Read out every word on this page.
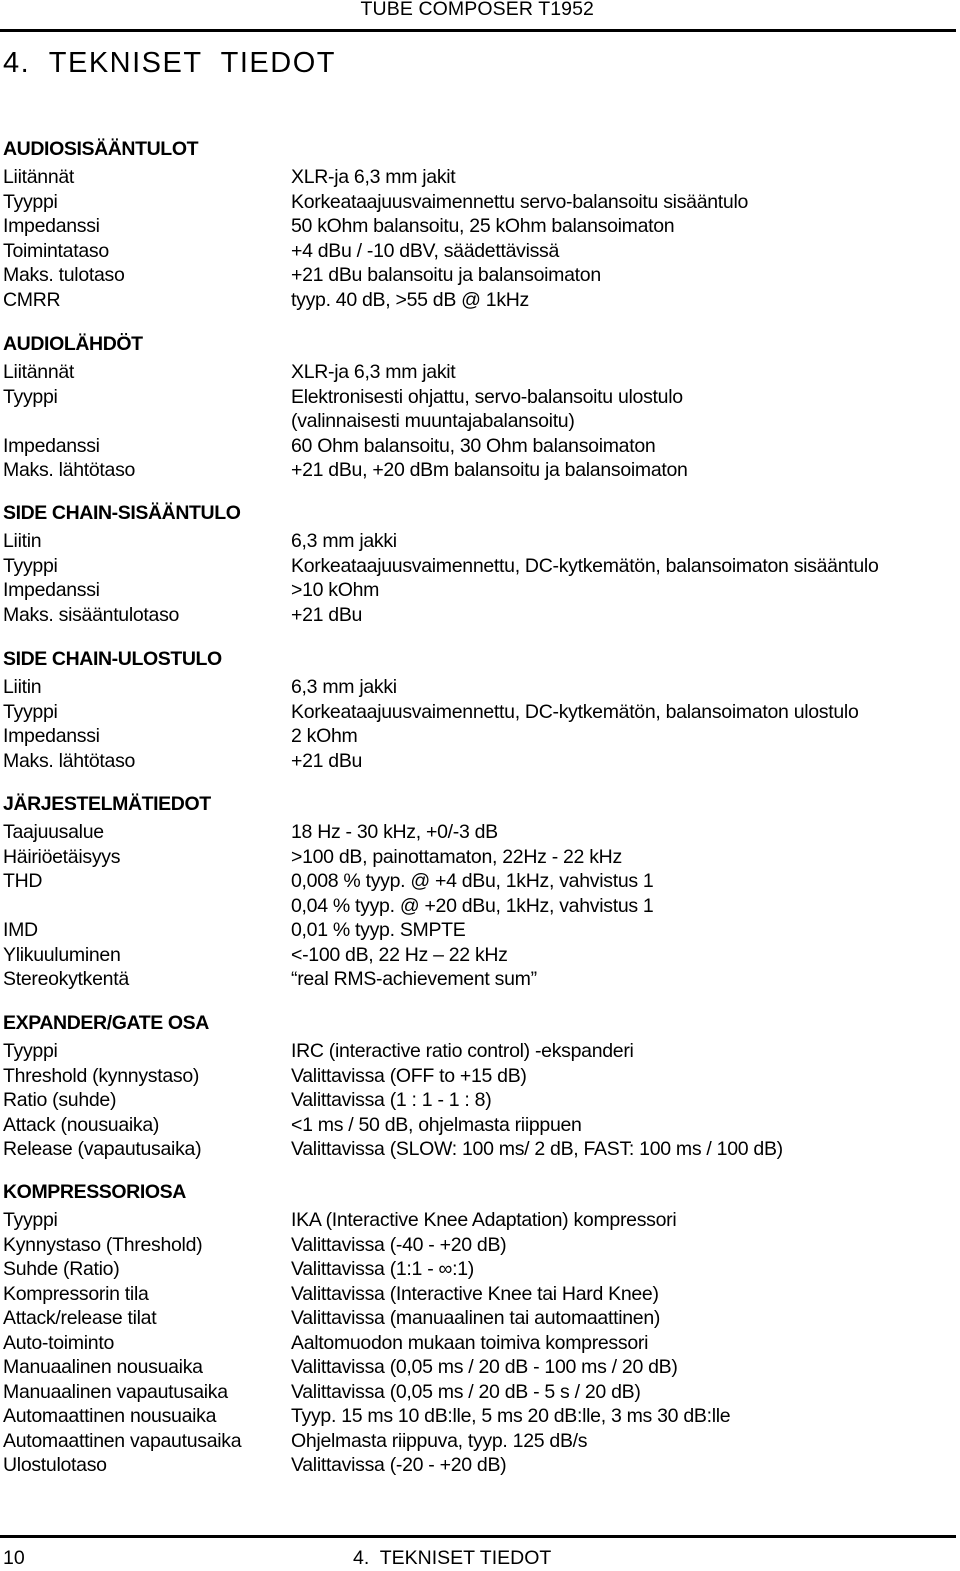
TUBE COMPOSER T1952
4.  TEKNISET  TIEDOT
AUDIOSISÄÄNTULOT
Liitännät	XLR-ja 6,3 mm jakit
Tyyppi	Korkeataajuusvaimennettu servo-balansoitu sisääntulo
Impedanssi	50 kOhm balansoitu, 25 kOhm balansoimaton
Toimintataso	+4 dBu / -10 dBV, säädettävissä
Maks. tulotaso	+21 dBu balansoitu ja balansoimaton
CMRR	tyyp. 40 dB, >55 dB @ 1kHz
AUDIOLÄHDÖT
Liitännät	XLR-ja 6,3 mm jakit
Tyyppi	Elektronisesti ohjattu, servo-balansoitu ulostulo
(valinnaisesti muuntajabalansoitu)
Impedanssi	60 Ohm balansoitu, 30 Ohm balansoimaton
Maks. lähtötaso	+21 dBu, +20 dBm balansoitu ja balansoimaton
SIDE CHAIN-SISÄÄNTULO
Liitin	6,3 mm jakki
Tyyppi	Korkeataajuusvaimennettu, DC-kytkemätön, balansoimaton sisääntulo
Impedanssi	>10 kOhm
Maks. sisääntulotaso	+21 dBu
SIDE CHAIN-ULOSTULO
Liitin	6,3 mm jakki
Tyyppi	Korkeataajuusvaimennettu, DC-kytkemätön, balansoimaton ulostulo
Impedanssi	2 kOhm
Maks. lähtötaso	+21 dBu
JÄRJESTELMÄTIEDOT
Taajuusalue	18 Hz - 30 kHz, +0/-3 dB
Häiriöetäisyys	>100 dB, painottamaton, 22Hz - 22 kHz
THD	0,008 % tyyp. @ +4 dBu, 1kHz, vahvistus 1
0,04 % tyyp. @ +20 dBu, 1kHz, vahvistus 1
IMD	0,01 % tyyp. SMPTE
Ylikuuluminen	<-100 dB, 22 Hz – 22 kHz
Stereokytkentä	“real RMS-achievement sum”
EXPANDER/GATE OSA
Tyyppi	IRC (interactive ratio control) -ekspanderi
Threshold (kynnystaso)	Valittavissa (OFF to +15 dB)
Ratio (suhde)	Valittavissa (1 : 1 - 1 : 8)
Attack (nousuaika)	<1 ms / 50 dB, ohjelmasta riippuen
Release (vapautusaika)	Valittavissa (SLOW: 100 ms/ 2 dB, FAST: 100 ms / 100 dB)
KOMPRESSORIOSA
Tyyppi	IKA (Interactive Knee Adaptation) kompressori
Kynnystaso (Threshold)	Valittavissa (-40 - +20 dB)
Suhde (Ratio)	Valittavissa (1:1 - ∞:1)
Kompressorin tila	Valittavissa (Interactive Knee tai Hard Knee)
Attack/release tilat	Valittavissa (manuaalinen tai automaattinen)
Auto-toiminto	Aaltomuodon mukaan toimiva kompressori
Manuaalinen nousuaika	Valittavissa (0,05 ms / 20 dB - 100 ms / 20 dB)
Manuaalinen vapautusaika	Valittavissa (0,05 ms / 20 dB - 5 s / 20 dB)
Automaattinen nousuaika	Tyyp. 15 ms 10 dB:lle, 5 ms 20 dB:lle, 3 ms 30 dB:lle
Automaattinen vapautusaika	Ohjelmasta riippuva, tyyp. 125 dB/s
Ulostulotaso	Valittavissa (-20 - +20 dB)
10	4.  TEKNISET TIEDOT
